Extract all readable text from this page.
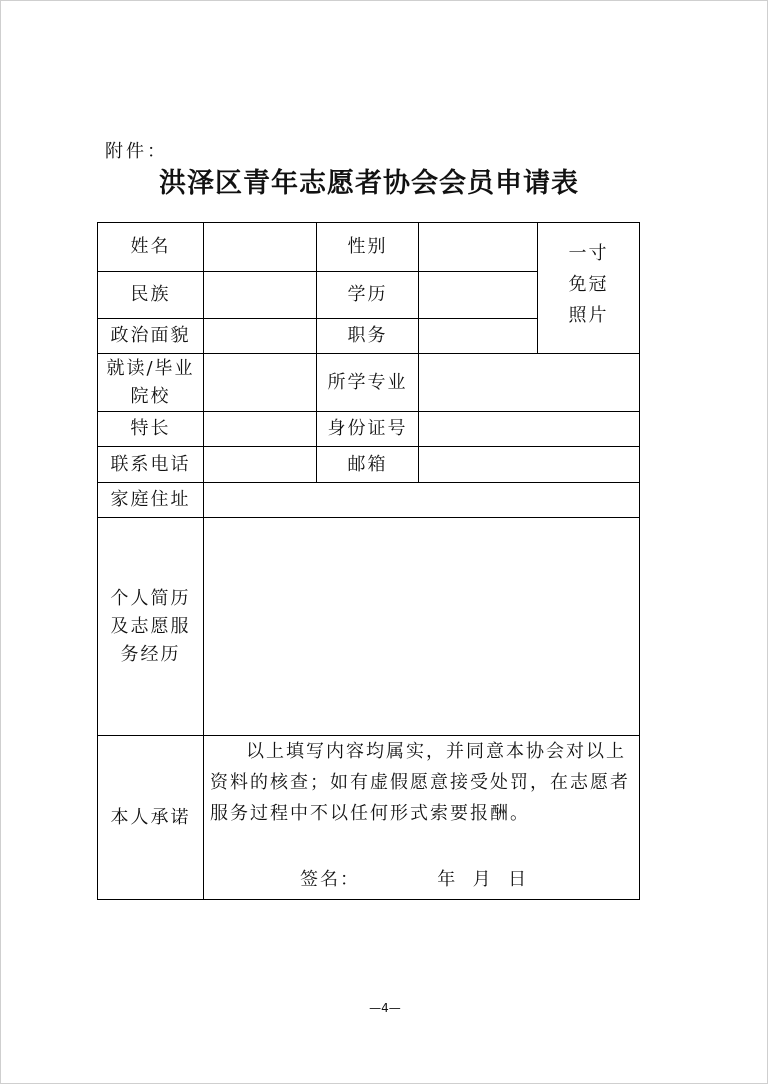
附件：
洪泽区青年志愿者协会会员申请表
姓名		性别		一寸
免冠
照片

民族		学历		
政治面貌		职务		

就读/毕业
院校		所学专业		
特长		身份证号		
联系电话		邮箱		
家庭住址				

个人简历
及志愿服
务经历				

本人承诺	以上填写内容均属实，并同意本协会对以上资料的核查；如有虚假愿意接受处罚，在志愿者服务过程中不以任何形式索要报酬。
签名：          年  月  日			
—4—
